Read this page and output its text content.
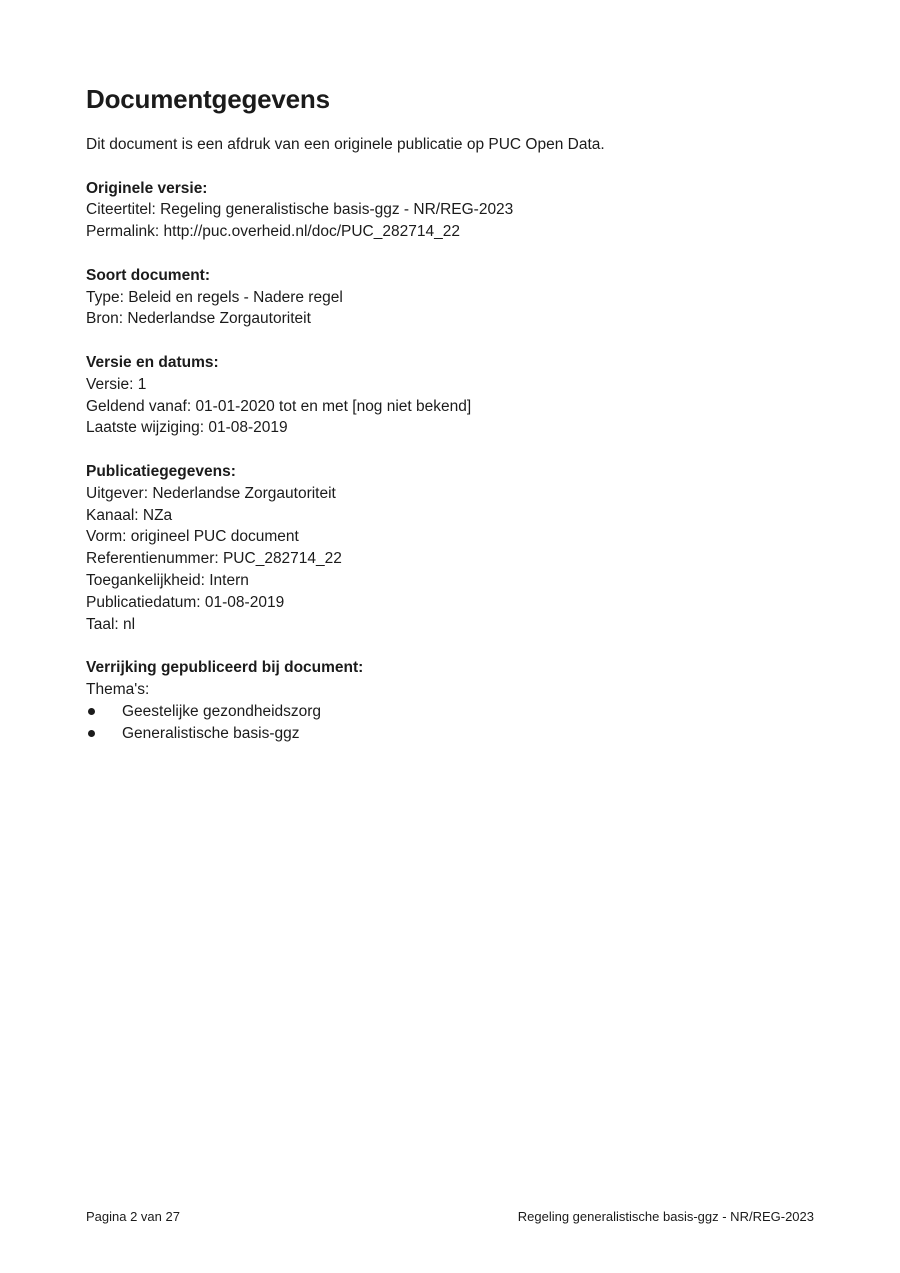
Documentgegevens

Dit document is een afdruk van een originele publicatie op PUC Open Data.

Originele versie:
Citeertitel: Regeling generalistische basis-ggz - NR/REG-2023
Permalink: http://puc.overheid.nl/doc/PUC_282714_22
Soort document:
Type: Beleid en regels - Nadere regel
Bron: Nederlandse Zorgautoriteit
Versie en datums:
Versie: 1
Geldend vanaf: 01-01-2020 tot en met [nog niet bekend]
Laatste wijziging: 01-08-2019
Publicatiegegevens:
Uitgever: Nederlandse Zorgautoriteit
Kanaal: NZa
Vorm: origineel PUC document
Referentienummer: PUC_282714_22
Toegankelijkheid: Intern
Publicatiedatum: 01-08-2019
Taal: nl
Verrijking gepubliceerd bij document:
Thema's:
Geestelijke gezondheidszorg
Generalistische basis-ggz
Pagina 2 van 27	Regeling generalistische basis-ggz - NR/REG-2023
